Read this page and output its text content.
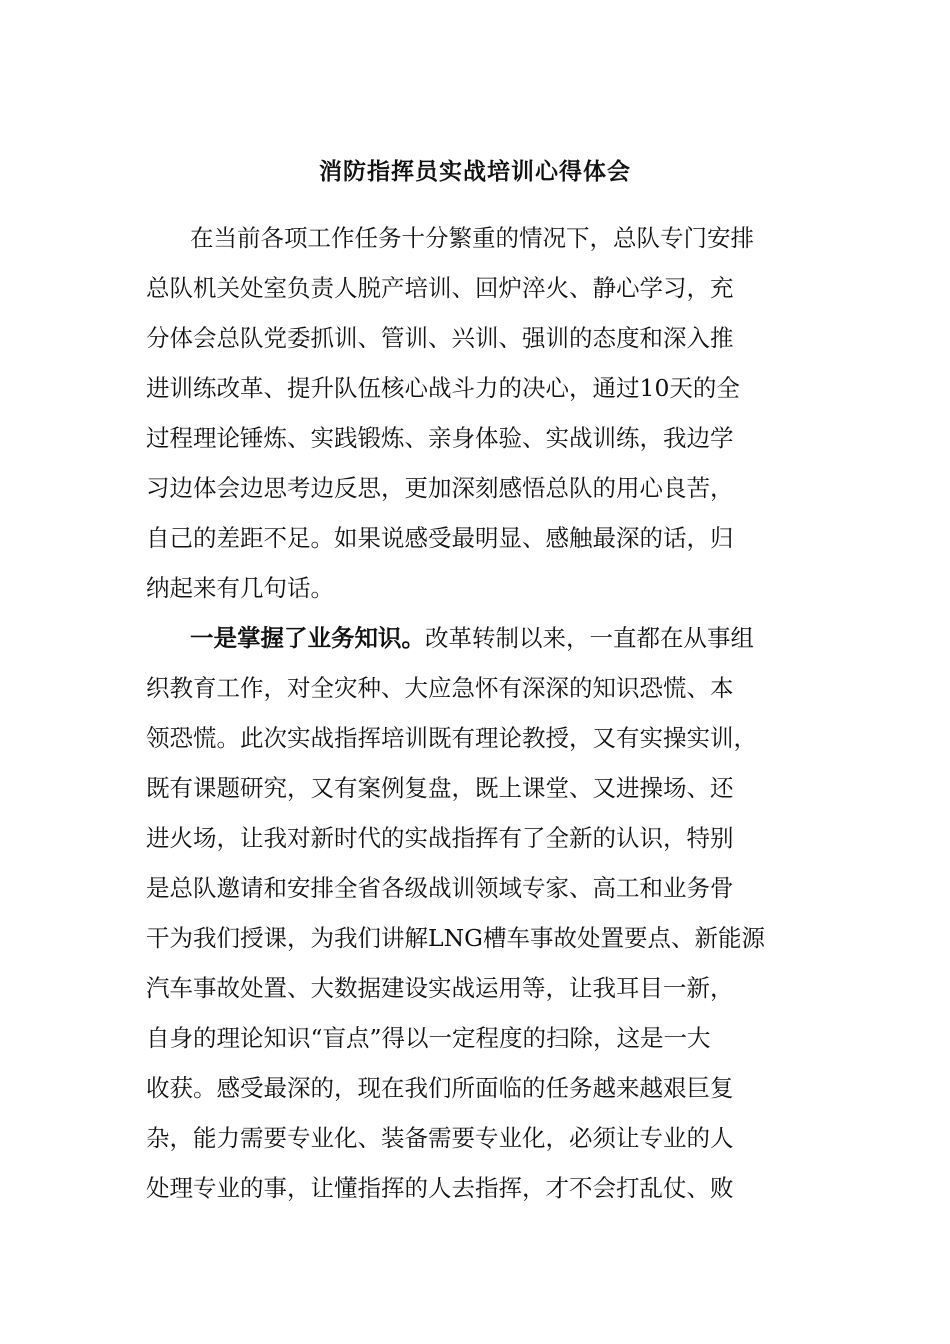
消防指挥员实战培训心得体会
在当前各项工作任务十分繁重的情况下，总队专门安排
总队机关处室负责人脱产培训、回炉淬火、静心学习，充
分体会总队党委抓训、管训、兴训、强训的态度和深入推
进训练改革、提升队伍核心战斗力的决心，通过10天的全
过程理论锤炼、实践锻炼、亲身体验、实战训练，我边学
习边体会边思考边反思，更加深刻感悟总队的用心良苦，
自己的差距不足。如果说感受最明显、感触最深的话，归
纳起来有几句话。
一是掌握了业务知识。改革转制以来，一直都在从事组
织教育工作，对全灾种、大应急怀有深深的知识恐慌、本
领恐慌。此次实战指挥培训既有理论教授，又有实操实训，
既有课题研究，又有案例复盘，既上课堂、又进操场、还
进火场，让我对新时代的实战指挥有了全新的认识，特别
是总队邀请和安排全省各级战训领域专家、高工和业务骨
干为我们授课，为我们讲解LNG槽车事故处置要点、新能源
汽车事故处置、大数据建设实战运用等，让我耳目一新，
自身的理论知识“盲点”得以一定程度的扫除，这是一大
收获。感受最深的，现在我们所面临的任务越来越艰巨复
杂，能力需要专业化、装备需要专业化，必须让专业的人
处理专业的事，让懂指挥的人去指挥，才不会打乱仗、败
